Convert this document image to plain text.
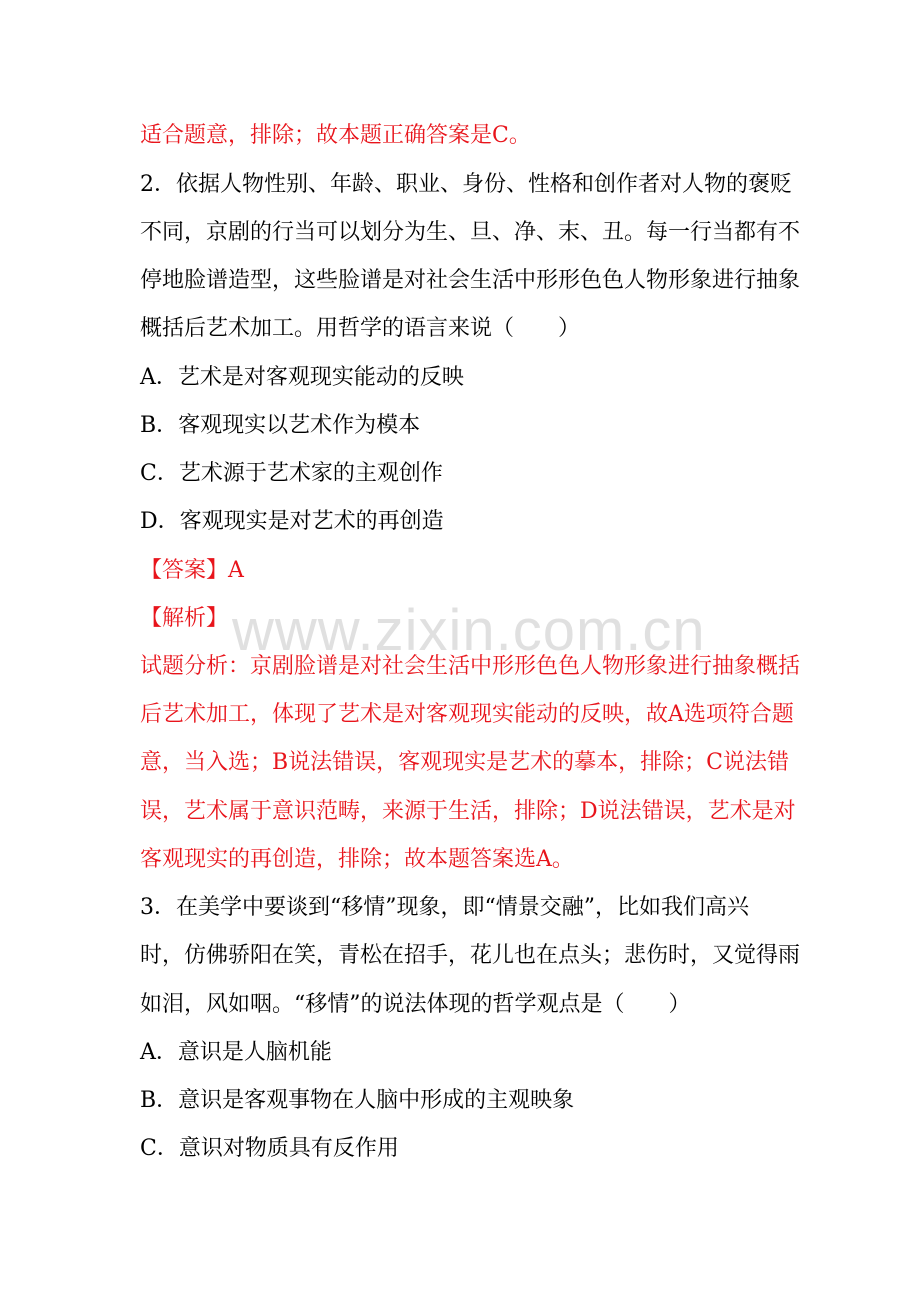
适合题意，排除；故本题正确答案是C。
2．依据人物性别、年龄、职业、身份、性格和创作者对人物的褒贬
不同，京剧的行当可以划分为生、旦、净、末、丑。每一行当都有不
停地脸谱造型，这些脸谱是对社会生活中形形色色人物形象进行抽象
概括后艺术加工。用哲学的语言来说（　　）
A．艺术是对客观现实能动的反映
B．客观现实以艺术作为模本
C．艺术源于艺术家的主观创作
D．客观现实是对艺术的再创造
【答案】A
【解析】
试题分析：京剧脸谱是对社会生活中形形色色人物形象进行抽象概括
后艺术加工，体现了艺术是对客观现实能动的反映，故A选项符合题
意，当入选；B说法错误，客观现实是艺术的摹本，排除；C说法错
误，艺术属于意识范畴，来源于生活，排除；D说法错误，艺术是对
客观现实的再创造，排除；故本题答案选A。
3．在美学中要谈到“移情”现象，即“情景交融”，比如我们高兴
时，仿佛骄阳在笑，青松在招手，花儿也在点头；悲伤时，又觉得雨
如泪，风如咽。“移情”的说法体现的哲学观点是（　　）
A．意识是人脑机能
B．意识是客观事物在人脑中形成的主观映象
C．意识对物质具有反作用
www.zixin.com.cn
